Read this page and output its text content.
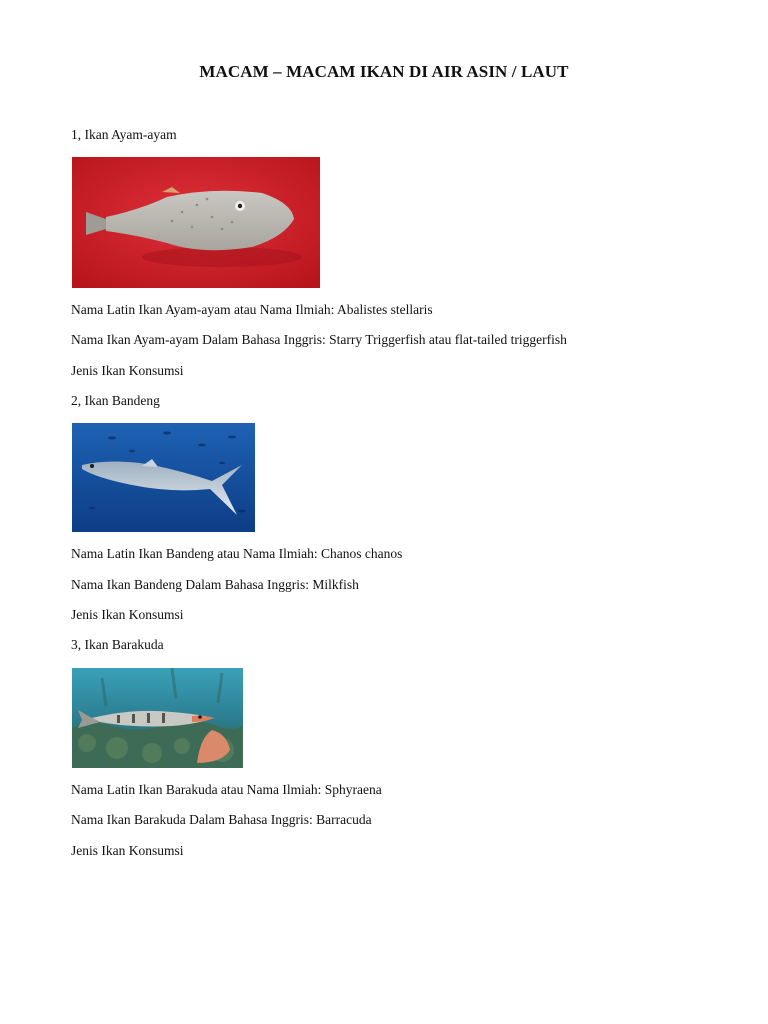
MACAM – MACAM IKAN DI AIR ASIN / LAUT
1, Ikan Ayam-ayam
Nama Latin Ikan Ayam-ayam atau Nama Ilmiah: Abalistes stellaris
Nama Ikan Ayam-ayam Dalam Bahasa Inggris: Starry Triggerfish atau flat-tailed triggerfish
Jenis Ikan Konsumsi
2, Ikan Bandeng
Nama Latin Ikan Bandeng atau Nama Ilmiah: Chanos chanos
Nama Ikan Bandeng Dalam Bahasa Inggris: Milkfish
Jenis Ikan Konsumsi
3, Ikan Barakuda
Nama Latin Ikan Barakuda atau Nama Ilmiah: Sphyraena
Nama Ikan Barakuda Dalam Bahasa Inggris: Barracuda
Jenis Ikan Konsumsi
